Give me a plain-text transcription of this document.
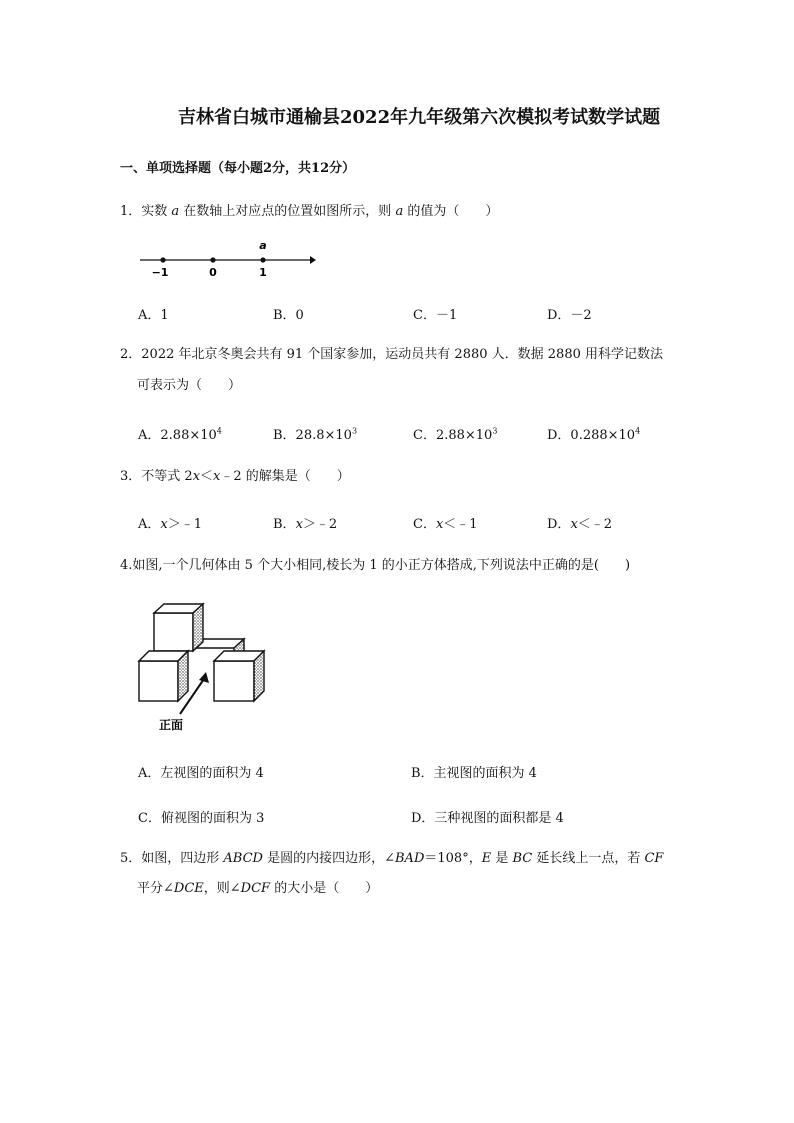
吉林省白城市通榆县2022年九年级第六次模拟考试数学试题
一、单项选择题（每小题2分，共12分）
1．实数 a 在数轴上对应点的位置如图所示，则 a 的值为（　　）
a
−1	0	1
A．1	B．0	C．－1	D．－2
2．2022 年北京冬奥会共有 91 个国家参加，运动员共有 2880 人．数据 2880 用科学记数法
可表示为（　　）
A．$2.88\times 10^4$	B．$28.8\times 10^3$	C．$2.88\times 10^3$	D．$0.288\times 10^4$
3．不等式 2x＜x﹣2 的解集是（　　）
A．x＞﹣1	B．x＞﹣2	C．x＜﹣1	D．x＜﹣2
4.如图,一个几何体由 5 个大小相同,棱长为 1 的小正方体搭成,下列说法中正确的是(　　)
正面
A．左视图的面积为 4	B．主视图的面积为 4
C．俯视图的面积为 3	D．三种视图的面积都是 4
5．如图，四边形 ABCD 是圆的内接四边形，∠BAD＝108°，E 是 BC 延长线上一点，若 CF
平分∠DCE，则∠DCF 的大小是（　　）
